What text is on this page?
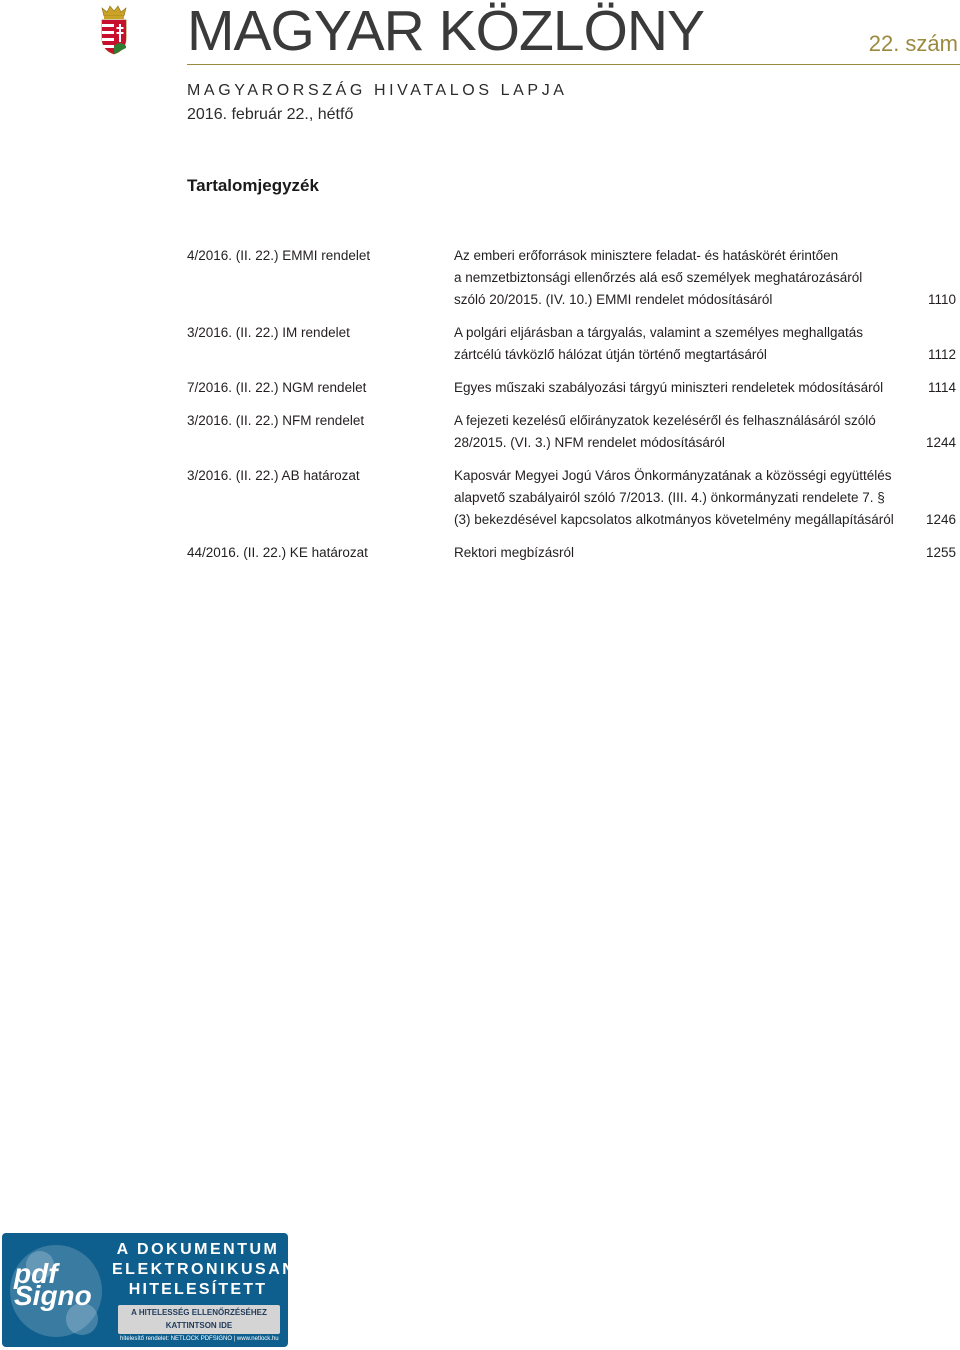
MAGYAR KÖZLÖNY	22. szám
MAGYARORSZÁG HIVATALOS LAPJA
2016. február 22., hétfő
Tartalomjegyzék
4/2016. (II. 22.) EMMI rendelet	Az emberi erőforrások minisztere feladat- és hatáskörét érintően
a nemzetbiztonsági ellenőrzés alá eső személyek meghatározásáról
szóló 20/2015. (IV. 10.) EMMI rendelet módosításáról	1110
3/2016. (II. 22.) IM rendelet	A polgári eljárásban a tárgyalás, valamint a személyes meghallgatás
zártcélú távközlő hálózat útján történő megtartásáról	1112
7/2016. (II. 22.) NGM rendelet	Egyes műszaki szabályozási tárgyú miniszteri rendeletek módosításáról	1114
3/2016. (II. 22.) NFM rendelet	A fejezeti kezelésű előirányzatok kezeléséről és felhasználásáról szóló
28/2015. (VI. 3.) NFM rendelet módosításáról	1244
3/2016. (II. 22.) AB határozat	Kaposvár Megyei Jogú Város Önkormányzatának a közösségi együttélés
alapvető szabályairól szóló 7/2013. (III. 4.) önkormányzati rendelete 7. §
(3) bekezdésével kapcsolatos alkotmányos követelmény megállapításáról 1246
44/2016. (II. 22.) KE határozat	Rektori megbízásról	1255
pdf
Signo
A DOKUMENTUM
ELEKTRONIKUSAN
HITELESÍTETT
A HITELESSÉG ELLENŐRZÉSÉHEZ
KATTINTSON IDE
hitelesítő rendelet: NETLOCK PDFSIGNO | www.netlock.hu
